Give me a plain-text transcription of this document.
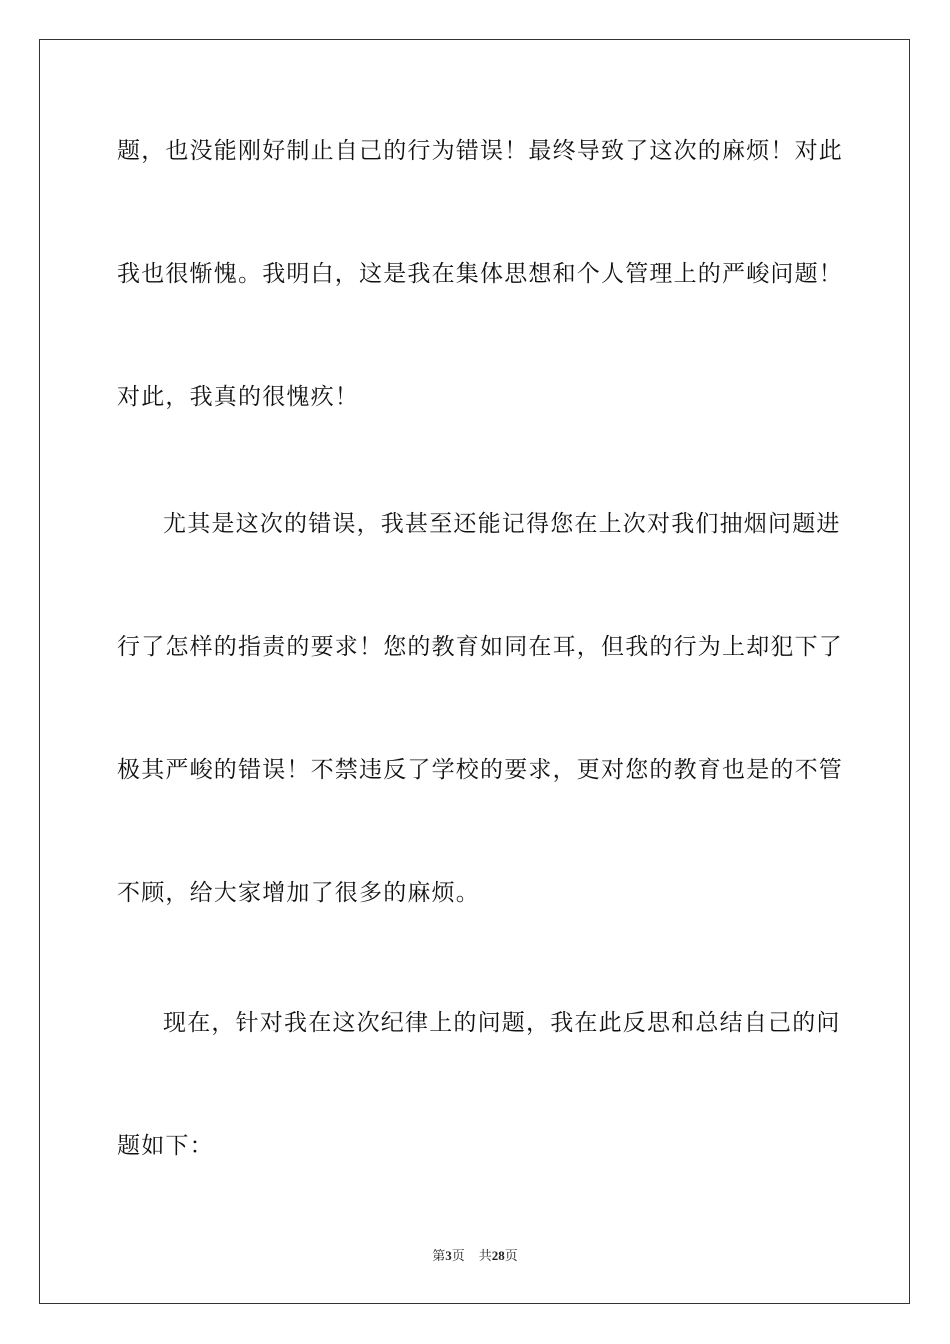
题，也没能刚好制止自己的行为错误！最终导致了这次的麻烦！对此
我也很惭愧。我明白，这是我在集体思想和个人管理上的严峻问题！
对此，我真的很愧疚！
尤其是这次的错误，我甚至还能记得您在上次对我们抽烟问题进
行了怎样的指责的要求！您的教育如同在耳，但我的行为上却犯下了
极其严峻的错误！不禁违反了学校的要求，更对您的教育也是的不管
不顾，给大家增加了很多的麻烦。
现在，针对我在这次纪律上的问题，我在此反思和总结自己的问
题如下：
第3页 共28页
